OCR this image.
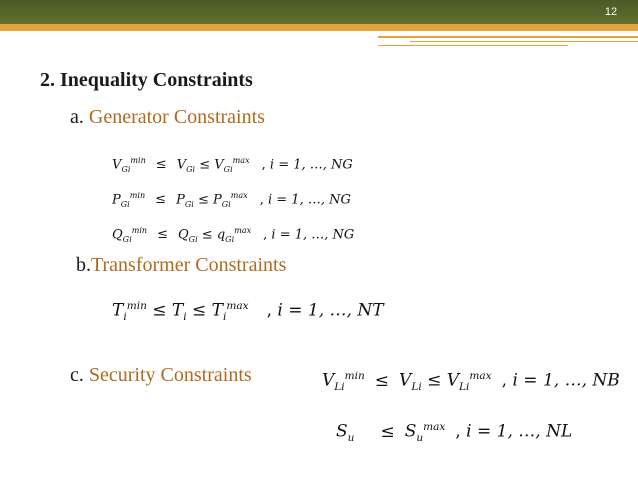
12
2. Inequality Constraints
a. Generator Constraints
$V_{Gi}^{min} \le V_{Gi} \le V_{Gi}^{max}$ , i = 1, …, NG
$P_{Gi}^{min} \le P_{Gi} \le P_{Gi}^{max}$ , i = 1, …, NG
$Q_{Gi}^{min} \le Q_{Gi} \le q_{Gi}^{max}$ , i = 1, …, NG
b.Transformer Constraints
$T_i^{min} \le T_i \le T_i^{max}$ , i = 1, …, NT
c. Security Constraints	$V_{Li}^{min} \le V_{Li} \le V_{Li}^{max}$ , i = 1, …, NB
$S_u \le S_u^{max}$ , i = 1, …, NL
